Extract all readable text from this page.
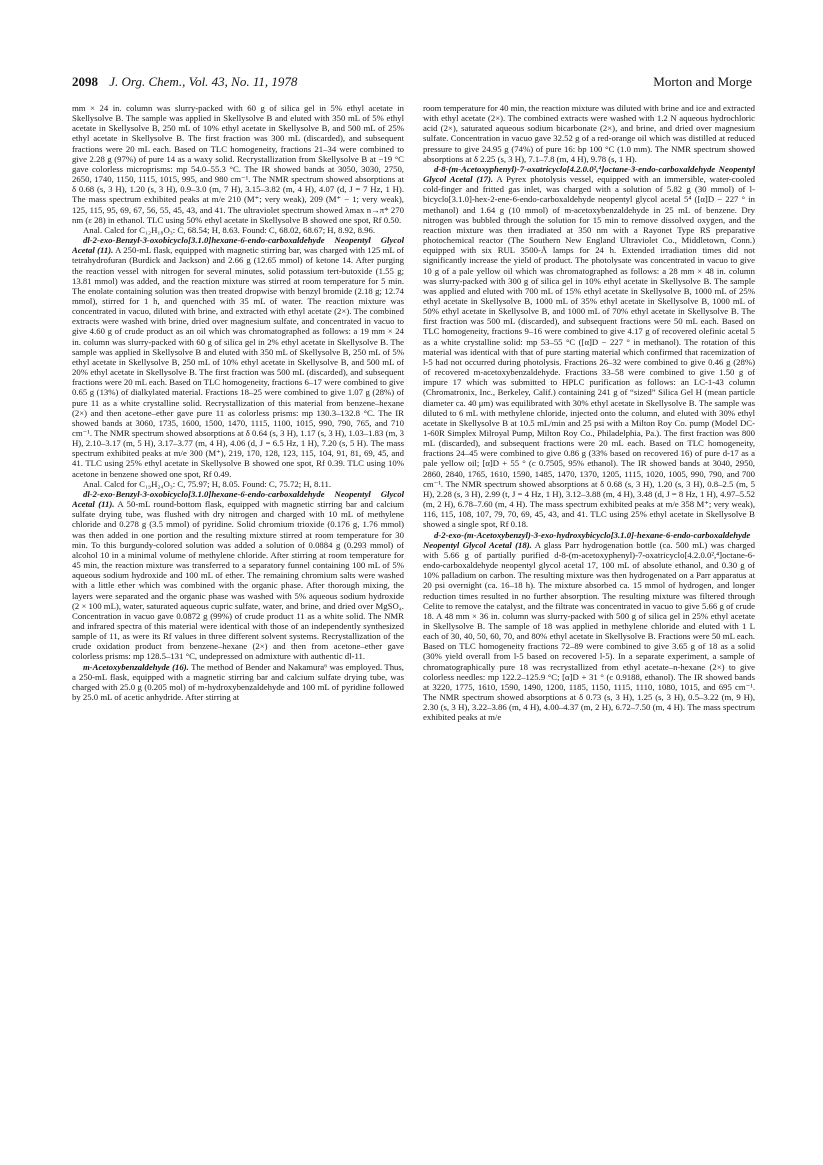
2098 J. Org. Chem., Vol. 43, No. 11, 1978	Morton and Morge

mm × 24 in. column was slurry-packed with 60 g of silica gel in 5% ethyl acetate in Skellysolve B. The sample was applied in Skellysolve B and eluted with 350 mL of 5% ethyl acetate in Skellysolve B, 250 mL of 10% ethyl acetate in Skellysolve B, and 500 mL of 25% ethyl acetate in Skellysolve B. The first fraction was 300 mL (discarded), and subsequent fractions were 20 mL each. Based on TLC homogeneity, fractions 21–34 were combined to give 2.28 g (97%) of pure 14 as a waxy solid. Recrystallization from Skellysolve B at −19 °C gave colorless microprisms: mp 54.0–55.3 °C. The IR showed bands at 3050, 3030, 2750, 2650, 1740, 1150, 1115, 1015, 995, and 980 cm⁻¹. The NMR spectrum showed absorptions at δ 0.68 (s, 3 H), 1.20 (s, 3 H), 0.9–3.0 (m, 7 H), 3.15–3.82 (m, 4 H), 4.07 (d, J = 7 Hz, 1 H). The mass spectrum exhibited peaks at m/e 210 (M⁺; very weak), 209 (M⁺ − 1; very weak), 125, 115, 95, 69, 67, 56, 55, 45, 43, and 41. The ultraviolet spectrum showed λmax n→π* 270 nm (ε 28) in ethanol. TLC using 50% ethyl acetate in Skellysolve B showed one spot, Rf 0.50.

Anal. Calcd for C₁₂H₁₈O₃: C, 68.54; H, 8.63. Found: C, 68.02, 68.67; H, 8.92, 8.96.

dl-2-exo-Benzyl-3-oxobicyclo[3.1.0]hexane-6-endo-carboxaldehyde Neopentyl Glycol Acetal (11). A 250-mL flask, equipped with magnetic stirring bar, was charged with 125 mL of tetrahydrofuran (Burdick and Jackson) and 2.66 g (12.65 mmol) of ketone 14. After purging the reaction vessel with nitrogen for several minutes, solid potassium tert-butoxide (1.55 g; 13.81 mmol) was added, and the reaction mixture was stirred at room temperature for 5 min. The enolate containing solution was then treated dropwise with benzyl bromide (2.18 g; 12.74 mmol), stirred for 1 h, and quenched with 35 mL of water. The reaction mixture was concentrated in vacuo, diluted with brine, and extracted with ethyl acetate (2×). The combined extracts were washed with brine, dried over magnesium sulfate, and concentrated in vacuo to give 4.60 g of crude product as an oil which was chromatographed as follows: a 19 mm × 24 in. column was slurry-packed with 60 g of silica gel in 2% ethyl acetate in Skellysolve B. The sample was applied in Skellysolve B and eluted with 350 mL of Skellysolve B, 250 mL of 5% ethyl acetate in Skellysolve B, 250 mL of 10% ethyl acetate in Skellysolve B, and 500 mL of 20% ethyl acetate in Skellysolve B. The first fraction was 500 mL (discarded), and subsequent fractions were 20 mL each. Based on TLC homogeneity, fractions 6–17 were combined to give 0.65 g (13%) of dialkylated material. Fractions 18–25 were combined to give 1.07 g (28%) of pure 11 as a white crystalline solid. Recrystallization of this material from benzene–hexane (2×) and then acetone–ether gave pure 11 as colorless prisms: mp 130.3–132.8 °C. The IR showed bands at 3060, 1735, 1600, 1500, 1470, 1115, 1100, 1015, 990, 790, 765, and 710 cm⁻¹. The NMR spectrum showed absorptions at δ 0.64 (s, 3 H), 1.17 (s, 3 H), 1.03–1.83 (m, 3 H), 2.10–3.17 (m, 5 H), 3.17–3.77 (m, 4 H), 4.06 (d, J = 6.5 Hz, 1 H), 7.20 (s, 5 H). The mass spectrum exhibited peaks at m/e 300 (M⁺), 219, 170, 128, 123, 115, 104, 91, 81, 69, 45, and 41. TLC using 25% ethyl acetate in Skellysolve B showed one spot, Rf 0.39. TLC using 10% acetone in benzene showed one spot, Rf 0.49.

Anal. Calcd for C₁₉H₂₄O₃: C, 75.97; H, 8.05. Found: C, 75.72; H, 8.11.

dl-2-exo-Benzyl-3-oxobicyclo[3.1.0]hexane-6-endo-carboxaldehyde Neopentyl Glycol Acetal (11). A 50-mL round-bottom flask, equipped with magnetic stirring bar and calcium sulfate drying tube, was flushed with dry nitrogen and charged with 10 mL of methylene chloride and 0.278 g (3.5 mmol) of pyridine. Solid chromium trioxide (0.176 g, 1.76 mmol) was then added in one portion and the resulting mixture stirred at room temperature for 30 min. To this burgundy-colored solution was added a solution of 0.0884 g (0.293 mmol) of alcohol 10 in a minimal volume of methylene chloride. After stirring at room temperature for 45 min, the reaction mixture was transferred to a separatory funnel containing 100 mL of 5% aqueous sodium hydroxide and 100 mL of ether. The remaining chromium salts were washed with a little ether which was combined with the organic phase. After thorough mixing, the layers were separated and the organic phase was washed with 5% aqueous sodium hydroxide (2 × 100 mL), water, saturated aqueous cupric sulfate, water, and brine, and dried over MgSO₄. Concentration in vacuo gave 0.0872 g (99%) of crude product 11 as a white solid. The NMR and infrared spectra of this material were identical with those of an independently synthesized sample of 11, as were its Rf values in three different solvent systems. Recrystallization of the crude oxidation product from benzene–hexane (2×) and then from acetone–ether gave colorless prisms: mp 128.5–131 °C, undepressed on admixture with authentic dl-11.

m-Acetoxybenzaldehyde (16). The method of Bender and Nakamura⁶ was employed. Thus, a 250-mL flask, equipped with a magnetic stirring bar and calcium sulfate drying tube, was charged with 25.0 g (0.205 mol) of m-hydroxybenzaldehyde and 100 mL of pyridine followed by 25.0 mL of acetic anhydride. After stirring at

room temperature for 40 min, the reaction mixture was diluted with brine and ice and extracted with ethyl acetate (2×). The combined extracts were washed with 1.2 N aqueous hydrochloric acid (2×), saturated aqueous sodium bicarbonate (2×), and brine, and dried over magnesium sulfate. Concentration in vacuo gave 32.52 g of a red-orange oil which was distilled at reduced pressure to give 24.95 g (74%) of pure 16: bp 100 °C (1.0 mm). The NMR spectrum showed absorptions at δ 2.25 (s, 3 H), 7.1–7.8 (m, 4 H), 9.78 (s, 1 H).

d-8-(m-Acetoxyphenyl)-7-oxatricyclo[4.2.0.0²,⁴]octane-3-endo-carboxaldehyde Neopentyl Glycol Acetal (17). A Pyrex photolysis vessel, equipped with an immersible, water-cooled cold-finger and fritted gas inlet, was charged with a solution of 5.82 g (30 mmol) of l-bicyclo[3.1.0]-hex-2-ene-6-endo-carboxaldehyde neopentyl glycol acetal 5⁴ ([α]D − 227 ° in methanol) and 1.64 g (10 mmol) of m-acetoxybenzaldehyde in 25 mL of benzene. Dry nitrogen was bubbled through the solution for 15 min to remove dissolved oxygen, and the reaction mixture was then irradiated at 350 nm with a Rayonet Type RS preparative photochemical reactor (The Southern New England Ultraviolet Co., Middletown, Conn.) equipped with six RUL 3500-Å lamps for 24 h. Extended irradiation times did not significantly increase the yield of product. The photolysate was concentrated in vacuo to give 10 g of a pale yellow oil which was chromatographed as follows: a 28 mm × 48 in. column was slurry-packed with 300 g of silica gel in 10% ethyl acetate in Skellysolve B. The sample was applied and eluted with 700 mL of 15% ethyl acetate in Skellysolve B, 1000 mL of 25% ethyl acetate in Skellysolve B, 1000 mL of 35% ethyl acetate in Skellysolve B, 1000 mL of 50% ethyl acetate in Skellysolve B, and 1000 mL of 70% ethyl acetate in Skellysolve B. The first fraction was 500 mL (discarded), and subsequent fractions were 50 mL each. Based on TLC homogeneity, fractions 9–16 were combined to give 4.17 g of recovered olefinic acetal 5 as a white crystalline solid: mp 53–55 °C ([α]D − 227 ° in methanol). The rotation of this material was identical with that of pure starting material which confirmed that racemization of l-5 had not occurred during photolysis. Fractions 26–32 were combined to give 0.46 g (28%) of recovered m-acetoxybenzaldehyde. Fractions 33–58 were combined to give 1.50 g of impure 17 which was submitted to HPLC purification as follows: an LC-1-43 column (Chromatronix, Inc., Berkeley, Calif.) containing 241 g of “sized” Silica Gel H (mean particle diameter ca. 40 μm) was equilibrated with 30% ethyl acetate in Skellysolve B. The sample was diluted to 6 mL with methylene chloride, injected onto the column, and eluted with 30% ethyl acetate in Skellysolve B at 10.5 mL/min and 25 psi with a Milton Roy Co. pump (Model DC-1-60R Simplex Milroyal Pump, Milton Roy Co., Philadelphia, Pa.). The first fraction was 800 mL (discarded), and subsequent fractions were 20 mL each. Based on TLC homogeneity, fractions 24–45 were combined to give 0.86 g (33% based on recovered 16) of pure d-17 as a pale yellow oil; [α]D + 55 ° (c 0.7505, 95% ethanol). The IR showed bands at 3040, 2950, 2860, 2840, 1765, 1610, 1590, 1485, 1470, 1370, 1205, 1115, 1020, 1005, 990, 790, and 700 cm⁻¹. The NMR spectrum showed absorptions at δ 0.68 (s, 3 H), 1.20 (s, 3 H), 0.8–2.5 (m, 5 H), 2.28 (s, 3 H), 2.99 (t, J = 4 Hz, 1 H), 3.12–3.88 (m, 4 H), 3.48 (d, J = 8 Hz, 1 H), 4.97–5.52 (m, 2 H), 6.78–7.60 (m, 4 H). The mass spectrum exhibited peaks at m/e 358 M⁺; very weak), 116, 115, 108, 107, 79, 70, 69, 45, 43, and 41. TLC using 25% ethyl acetate in Skellysolve B showed a single spot, Rf 0.18.

d-2-exo-(m-Acetoxybenzyl)-3-exo-hydroxybicyclo[3.1.0]-hexane-6-endo-carboxaldehyde Neopentyl Glycol Acetal (18). A glass Parr hydrogenation bottle (ca. 500 mL) was charged with 5.66 g of partially purified d-8-(m-acetoxyphenyl)-7-oxatricyclo[4.2.0.0²,⁴]octane-6-endo-carboxaldehyde neopentyl glycol acetal 17, 100 mL of absolute ethanol, and 0.30 g of 10% palladium on carbon. The resulting mixture was then hydrogenated on a Parr apparatus at 20 psi overnight (ca. 16–18 h). The mixture absorbed ca. 15 mmol of hydrogen, and longer reduction times resulted in no further absorption. The resulting mixture was filtered through Celite to remove the catalyst, and the filtrate was concentrated in vacuo to give 5.66 g of crude 18. A 48 mm × 36 in. column was slurry-packed with 500 g of silica gel in 25% ethyl acetate in Skellysolve B. The sample of 18 was applied in methylene chloride and eluted with 1 L each of 30, 40, 50, 60, 70, and 80% ethyl acetate in Skellysolve B. Fractions were 50 mL each. Based on TLC homogeneity fractions 72–89 were combined to give 3.65 g of 18 as a solid (30% yield overall from l-5 based on recovered l-5). In a separate experiment, a sample of chromatographically pure 18 was recrystallized from ethyl acetate–n-hexane (2×) to give colorless needles: mp 122.2–125.9 °C; [α]D + 31 ° (c 0.9188, ethanol). The IR showed bands at 3220, 1775, 1610, 1590, 1490, 1200, 1185, 1150, 1115, 1110, 1080, 1015, and 695 cm⁻¹. The NMR spectrum showed absorptions at δ 0.73 (s, 3 H), 1.25 (s, 3 H), 0.5–3.22 (m, 9 H), 2.30 (s, 3 H), 3.22–3.86 (m, 4 H), 4.00–4.37 (m, 2 H), 6.72–7.50 (m, 4 H). The mass spectrum exhibited peaks at m/e
